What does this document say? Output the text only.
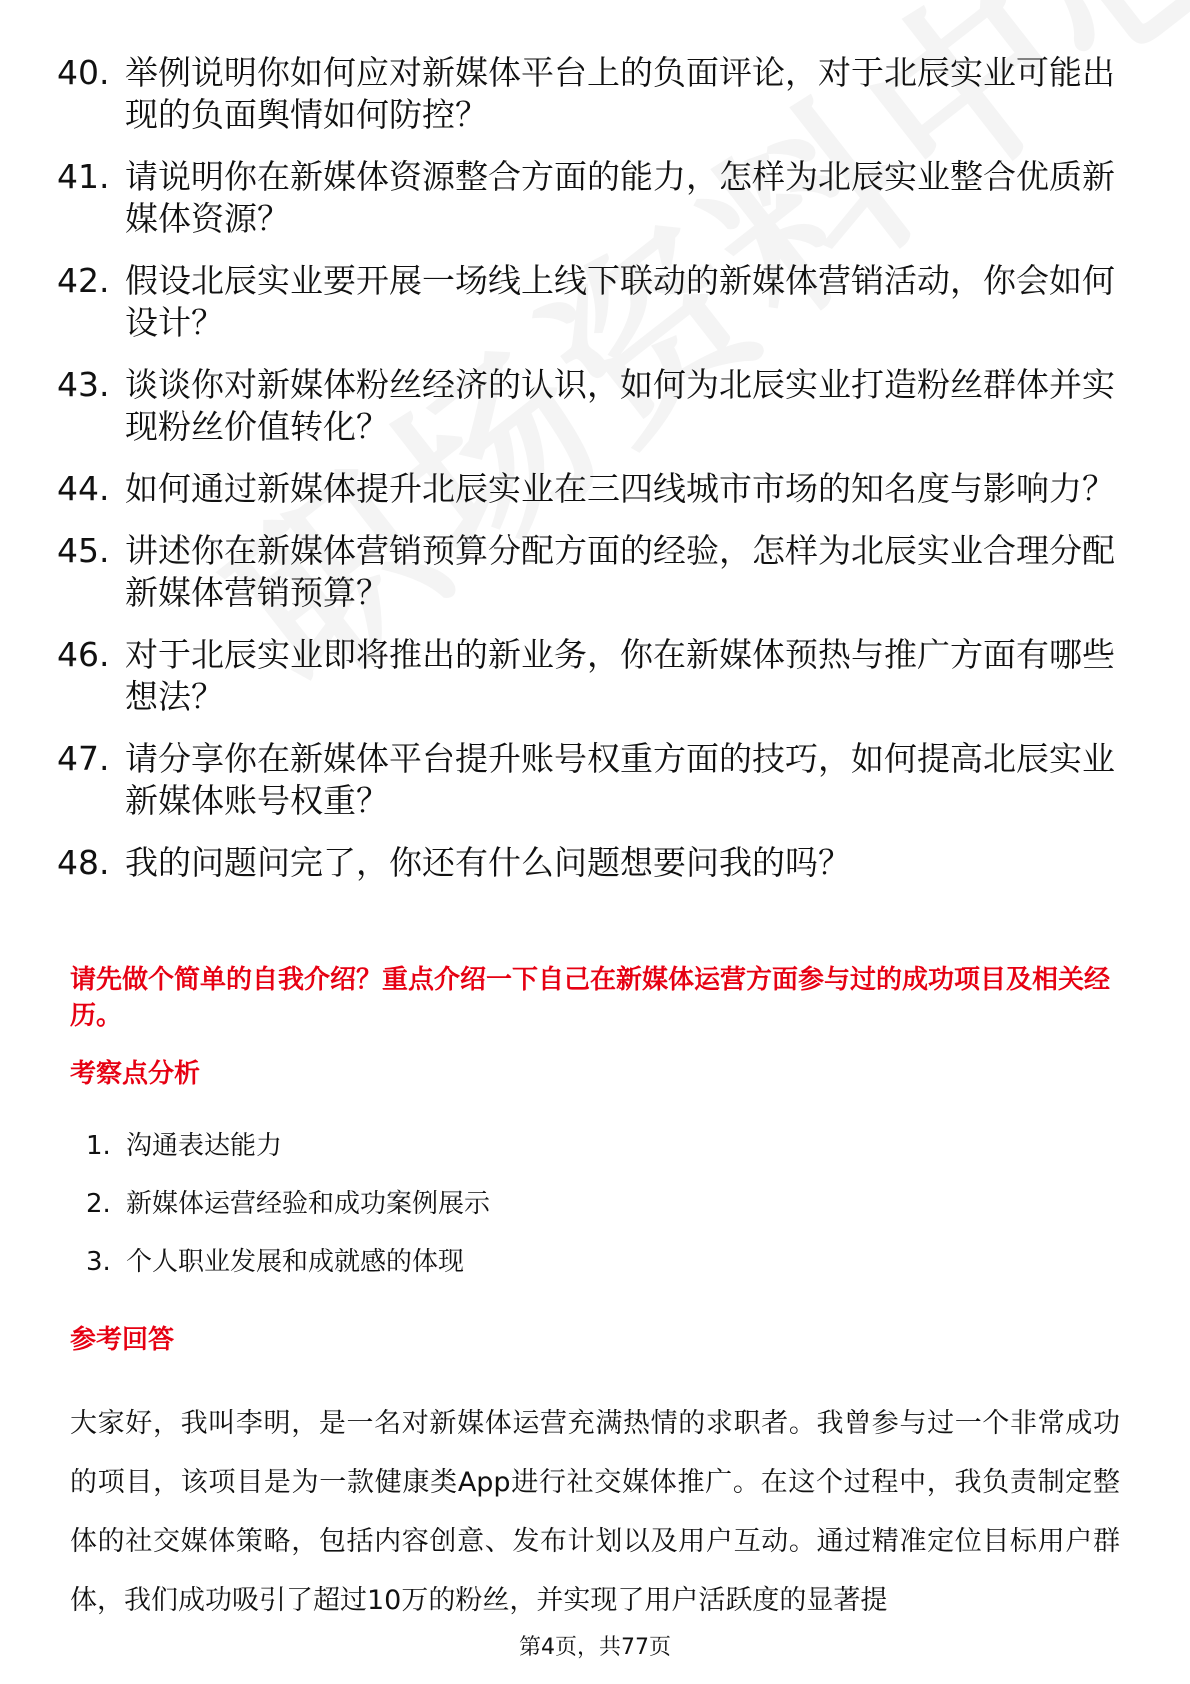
40. 举例说明你如何应对新媒体平台上的负面评论，对于北辰实业可能出现的负面舆情如何防控？
41. 请说明你在新媒体资源整合方面的能力，怎样为北辰实业整合优质新媒体资源？
42. 假设北辰实业要开展一场线上线下联动的新媒体营销活动，你会如何设计？
43. 谈谈你对新媒体粉丝经济的认识，如何为北辰实业打造粉丝群体并实现粉丝价值转化？
44. 如何通过新媒体提升北辰实业在三四线城市市场的知名度与影响力？
45. 讲述你在新媒体营销预算分配方面的经验，怎样为北辰实业合理分配新媒体营销预算？
46. 对于北辰实业即将推出的新业务，你在新媒体预热与推广方面有哪些想法？
47. 请分享你在新媒体平台提升账号权重方面的技巧，如何提高北辰实业新媒体账号权重？
48. 我的问题问完了，你还有什么问题想要问我的吗？
请先做个简单的自我介绍？重点介绍一下自己在新媒体运营方面参与过的成功项目及相关经历。
考察点分析
1. 沟通表达能力
2. 新媒体运营经验和成功案例展示
3. 个人职业发展和成就感的体现
参考回答
大家好，我叫李明，是一名对新媒体运营充满热情的求职者。我曾参与过一个非常成功的项目，该项目是为一款健康类App进行社交媒体推广。在这个过程中，我负责制定整体的社交媒体策略，包括内容创意、发布计划以及用户互动。通过精准定位目标用户群体，我们成功吸引了超过10万的粉丝，并实现了用户活跃度的显著提
第4页，共77页
